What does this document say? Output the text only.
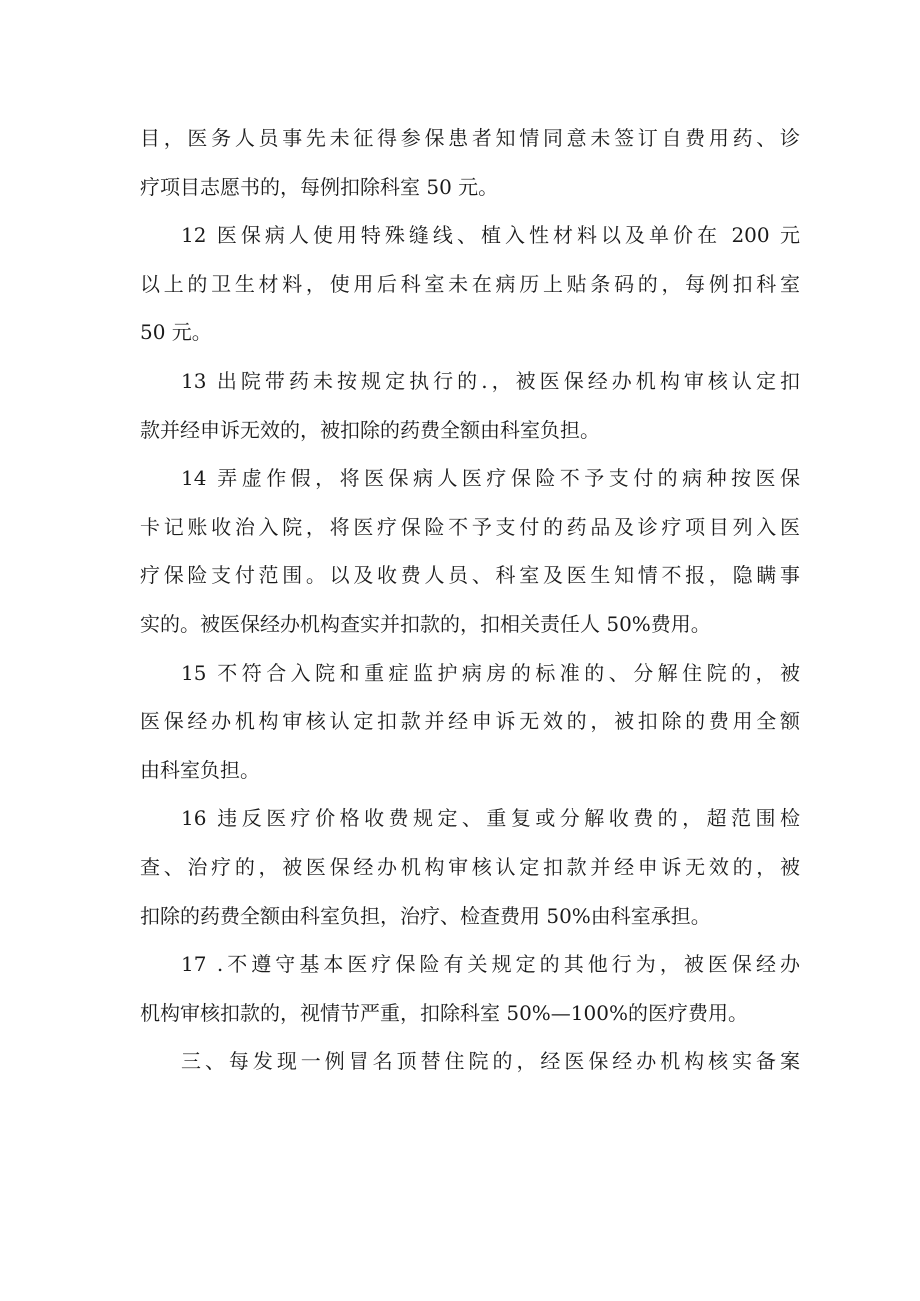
目，医务人员事先未征得参保患者知情同意未签订自费用药、诊
疗项目志愿书的，每例扣除科室 50 元。
12 医保病人使用特殊缝线、植入性材料以及单价在 200 元
以上的卫生材料，使用后科室未在病历上贴条码的，每例扣科室
50 元。
13 出院带药未按规定执行的.，被医保经办机构审核认定扣
款并经申诉无效的，被扣除的药费全额由科室负担。
14 弄虚作假，将医保病人医疗保险不予支付的病种按医保
卡记账收治入院，将医疗保险不予支付的药品及诊疗项目列入医
疗保险支付范围。以及收费人员、科室及医生知情不报，隐瞒事
实的。被医保经办机构查实并扣款的，扣相关责任人 50%费用。
15 不符合入院和重症监护病房的标准的、分解住院的，被
医保经办机构审核认定扣款并经申诉无效的，被扣除的费用全额
由科室负担。
16 违反医疗价格收费规定、重复或分解收费的，超范围检
查、治疗的，被医保经办机构审核认定扣款并经申诉无效的，被
扣除的药费全额由科室负担，治疗、检查费用 50%由科室承担。
17 .不遵守基本医疗保险有关规定的其他行为，被医保经办
机构审核扣款的，视情节严重，扣除科室 50%—100%的医疗费用。
三、每发现一例冒名顶替住院的，经医保经办机构核实备案
